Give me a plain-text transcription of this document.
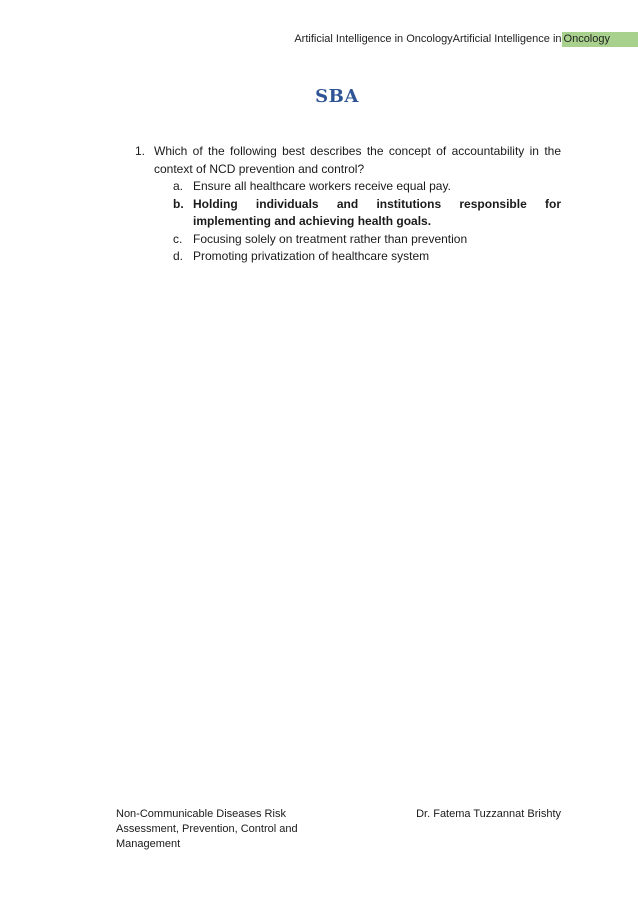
Artificial Intelligence in OncologyArtificial Intelligence in Oncology
SBA
1. Which of the following best describes the concept of accountability in the context of NCD prevention and control?
a. Ensure all healthcare workers receive equal pay.
b. Holding individuals and institutions responsible for implementing and achieving health goals.
c. Focusing solely on treatment rather than prevention
d. Promoting privatization of healthcare system
Non-Communicable Diseases Risk Assessment, Prevention, Control and Management
Dr. Fatema Tuzzannat Brishty
